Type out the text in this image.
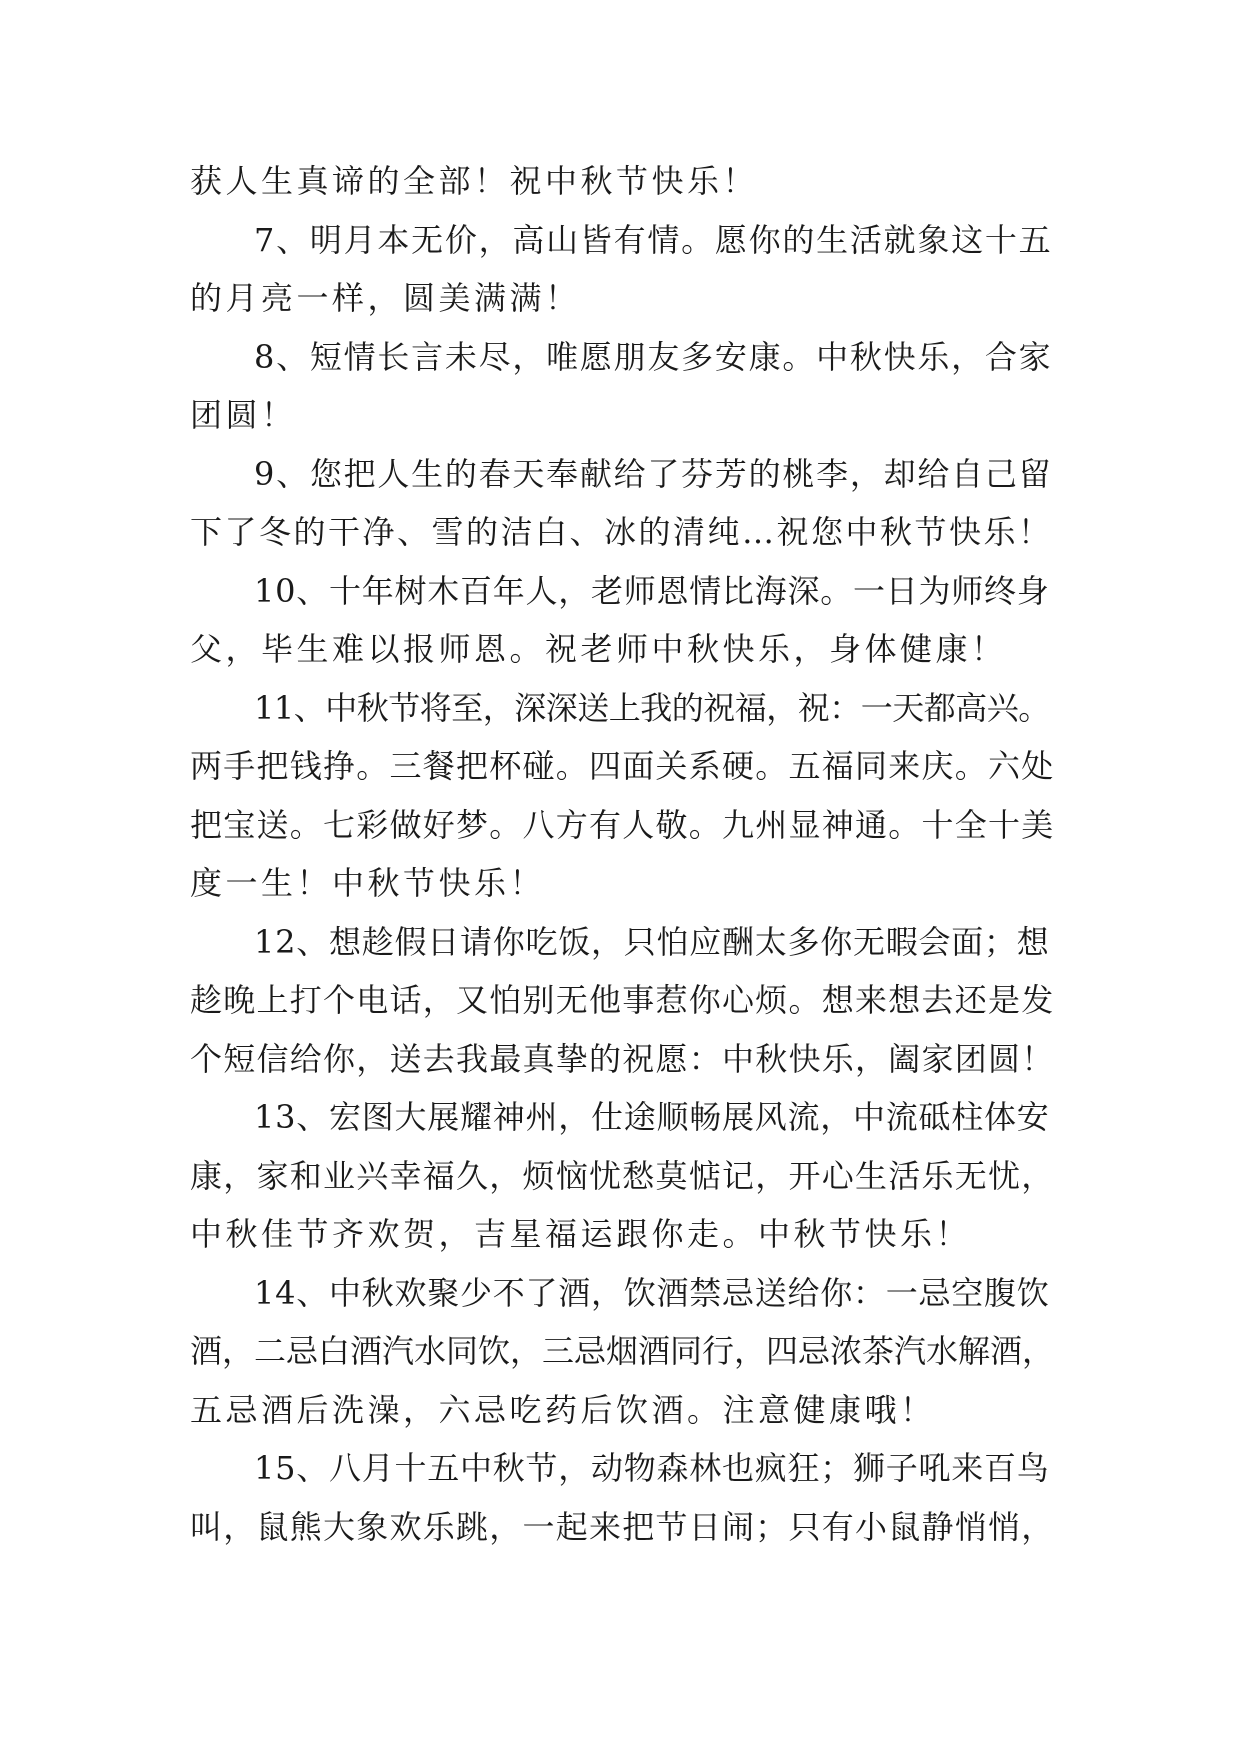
获人生真谛的全部！祝中秋节快乐！
7、明月本无价，高山皆有情。愿你的生活就象这十五
的月亮一样，圆美满满！
8、短情长言未尽，唯愿朋友多安康。中秋快乐，合家
团圆！
9、您把人生的春天奉献给了芬芳的桃李，却给自己留
下了冬的干净、雪的洁白、冰的清纯…祝您中秋节快乐！
10、十年树木百年人，老师恩情比海深。一日为师终身
父，毕生难以报师恩。祝老师中秋快乐，身体健康！
11、中秋节将至，深深送上我的祝福，祝：一天都高兴。
两手把钱挣。三餐把杯碰。四面关系硬。五福同来庆。六处
把宝送。七彩做好梦。八方有人敬。九州显神通。十全十美
度一生！中秋节快乐！
12、想趁假日请你吃饭，只怕应酬太多你无暇会面；想
趁晚上打个电话，又怕别无他事惹你心烦。想来想去还是发
个短信给你，送去我最真挚的祝愿：中秋快乐，阖家团圆！
13、宏图大展耀神州，仕途顺畅展风流，中流砥柱体安
康，家和业兴幸福久，烦恼忧愁莫惦记，开心生活乐无忧，
中秋佳节齐欢贺，吉星福运跟你走。中秋节快乐！
14、中秋欢聚少不了酒，饮酒禁忌送给你：一忌空腹饮
酒，二忌白酒汽水同饮，三忌烟酒同行，四忌浓茶汽水解酒，
五忌酒后洗澡，六忌吃药后饮酒。注意健康哦！
15、八月十五中秋节，动物森林也疯狂；狮子吼来百鸟
叫，鼠熊大象欢乐跳，一起来把节日闹；只有小鼠静悄悄，
